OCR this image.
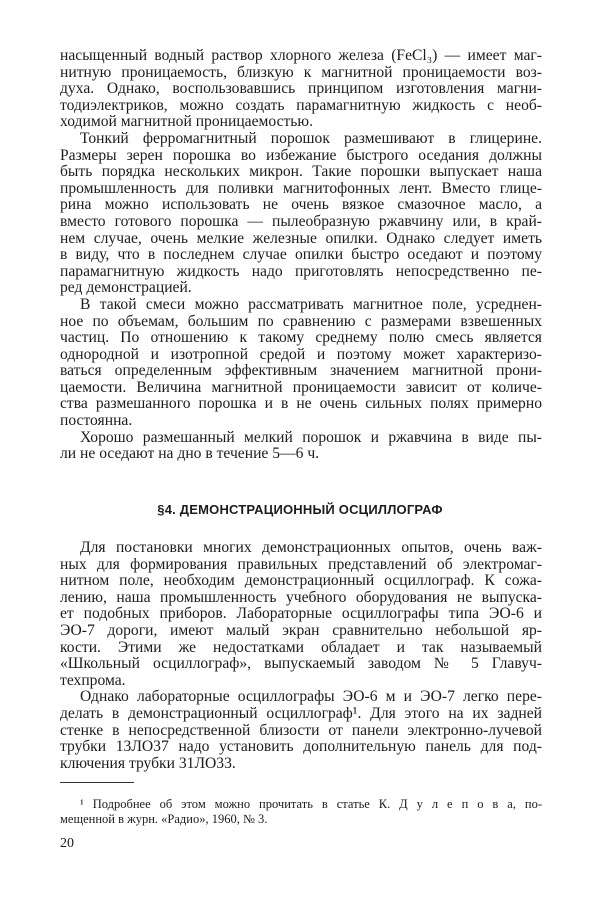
насыщенный водный раствор хлорного железа (FeCl₃) — имеет маг-
нитную проницаемость, близкую к магнитной проницаемости воз-
духа. Однако, воспользовавшись принципом изготовления магни-
тодиэлектриков, можно создать парамагнитную жидкость с необ-
ходимой магнитной проницаемостью.
Тонкий ферромагнитный порошок размешивают в глицерине.
Размеры зерен порошка во избежание быстрого оседания должны
быть порядка нескольких микрон. Такие порошки выпускает наша
промышленность для поливки магнитофонных лент. Вместо глице-
рина можно использовать не очень вязкое смазочное масло, а
вместо готового порошка — пылеобразную ржавчину или, в край-
нем случае, очень мелкие железные опилки. Однако следует иметь
в виду, что в последнем случае опилки быстро оседают и поэтому
парамагнитную жидкость надо приготовлять непосредственно пе-
ред демонстрацией.
В такой смеси можно рассматривать магнитное поле, усреднен-
ное по объемам, большим по сравнению с размерами взвешенных
частиц. По отношению к такому среднему полю смесь является
однородной и изотропной средой и поэтому может характеризо-
ваться определенным эффективным значением магнитной прони-
цаемости. Величина магнитной проницаемости зависит от количе-
ства размешанного порошка и в не очень сильных полях примерно
постоянна.
Хорошо размешанный мелкий порошок и ржавчина в виде пы-
ли не оседают на дно в течение 5—6 ч.
§4. ДЕМОНСТРАЦИОННЫЙ ОСЦИЛЛОГРАФ
Для постановки многих демонстрационных опытов, очень важ-
ных для формирования правильных представлений об электромаг-
нитном поле, необходим демонстрационный осциллограф. К сожа-
лению, наша промышленность учебного оборудования не выпуска-
ет подобных приборов. Лабораторные осциллографы типа ЭО-6 и
ЭО-7 дороги, имеют малый экран сравнительно небольшой яр-
кости. Этими же недостатками обладает и так называемый
«Школьный осциллограф», выпускаемый заводом № 5 Главуч-
техпрома.
Однако лабораторные осциллографы ЭО-6 м и ЭО-7 легко пере-
делать в демонстрационный осциллограф¹. Для этого на их задней
стенке в непосредственной близости от панели электронно-лучевой
трубки 13ЛО37 надо установить дополнительную панель для под-
ключения трубки 31ЛО33.
¹ Подробнее об этом можно прочитать в статье К. Д у л е п о в а, по-
мещенной в журн. «Радио», 1960, № 3.
20
